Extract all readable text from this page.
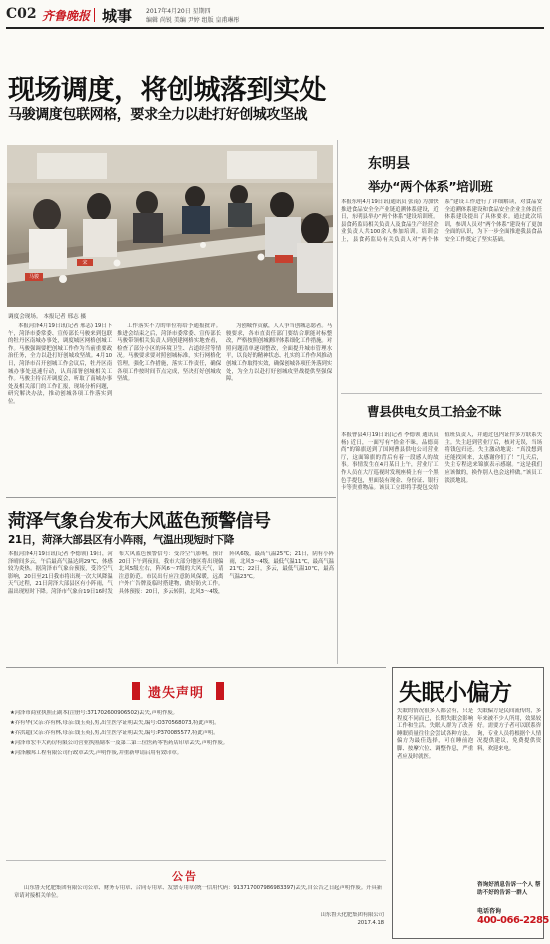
C02 齐鲁晚报 城事 2017年4月20日 星期四
编辑 尚锐 美编 尹婷 组版 皇甫琳彤
现场调度，将创城落到实处
马骏调度包联网格，要求全力以赴打好创城攻坚战
马骏
宋
调度会现场。 本报记者 邢志 摄
本报菏泽4月19日讯(记者 邢志) 19日下午，菏泽市委常委、宣传部长马骏来到包联的牡丹区南城办事处，调度城区网格创城工作。马骏强调要把创城工作作为当前重要政治任务，全力以赴打好创城攻坚战。4月10日，菏泽市召开创城工作会议后，牡丹区南城办事处迅速行动，认真部署创城相关工作。马骏主持召开调度会，听取了南城办事处及相关部门的工作汇报，现场分析问题，研究解决办法，推动创城各项工作落实到位。
工作落实不力的单位将给予通报批评。推进会结束之后，菏泽市委常委、宣传部长马骏带领相关负责人到创建网格实地查看，检查了部分小区的环境卫生、占道经营等情况。马骏要求要对照创城标准，实行网格化管理，强化工作措施，落实工作责任，确保各项工作按时间节点完成，坚决打好创城攻坚战。
为创城作贡献，人人争当创城志愿者。马骏要求，各市直责任部门要结合职能对标整改，严格按照创城测评体系细化工作措施。对照问题清单逐项整改，全面提升城市管理水平，以良好的精神状态、扎实的工作作风推动创城工作取得实效，确保创城各项任务落到实处，为全力以赴打好创城攻坚战提供坚强保障。
东明县
举办“两个体系”培训班
本报东明4月19日讯(通讯员 张南) 为加快推进食品安全全产业链追溯体系建设，近日，东明县举办“两个体系”建设培训班。县食药监局相关负责人及食品生产经营企业负责人共100余人参加培训。培训会上，县食药监局有关负责人对“两个体系”建设工作进行了详细解读，对食品安全追溯体系建设和食品安全企业主体责任体系建设提出了具体要求。通过此次培训，参训人员对“两个体系”建设有了更加全面的认识，为下一步全面推进我县食品安全工作奠定了坚实基础。
曹县供电女员工拾金不昧
本报曹县4月19日讯(记者 李德领 通讯员 杨) 近日，一面写有“拾金不昧，品德高尚”的锦旗送到了国网曹县供电公司营业厅，这面锦旗的背后有着一段感人的故事。事情发生在4月某日上午，营业厅工作人员在大厅巡视时发现座椅上有一个黑色手提包，里面装有现金、身份证、银行卡等贵重物品。该员工立即将手提包交给值班负责人，并通过包内证件多方联系失主。失主赶到营业厅后，核对无误，当场将钱包归还。失主激动地说：“真没想到还能找回来，太感谢你们了！”几天后，失主专程送来锦旗表示感谢。“这是我们应该做的，换作别人也会这样做。”该员工淡淡地说。
菏泽气象台发布大风蓝色预警信号
21日，菏泽大部县区有小阵雨，气温出现短时下降
本报菏泽4月19日讯(记者 李德领) 19日，菏泽晴间多云，午后最高气温达到29℃，体感较为炎热。据菏泽市气象台预报，受冷空气影响，20日至21日我市将出现一次大风降温天气过程，21日菏泽大部县区有小阵雨，气温出现短时下降。菏泽市气象台19日16时发布大风蓝色预警信号：受冷空气影响，预计20日下午到夜间，我市大部分地区将出现偏北风5级左右，阵风6～7级的大风天气，请注意防范。市民出行应注意防风保暖，远离户外广告牌及临时搭建物，做好防火工作。具体预报：20日，多云转阴，北风3～4级，阵风6级，最高气温25℃；21日，阴有小阵雨，北风3～4级，最低气温11℃，最高气温21℃；22日，多云，最低气温10℃，最高气温23℃。
遗失声明
★菏泽市商业执照正副本(注册号:371702600906502)丢失,声明作废。
★乔有华(父亲:乔有林,母亲:钱玉英),男,出生医学证明丢失,编号:O370568073,特此声明。
★乔洪超(父亲:乔有林,母亲:钱玉英),男,出生医学证明丢失,编号:P370085577,特此声明。
★菏泽市宏丰大药房有限公司营业执照副本一及第二第三位医药零售药店印章丢失,声明作废。
★菏泽融邦工程有限公司行政章丢失,声明作废,并重新申请启用有效印章。
公告
山东鲁天化肥集团有限公司公章、财务专用章、合同专用章、发票专用章(统一信用代码：913717007986983397)丢失,自公告之日起声明作废。开具新章请对接相关单位。
山东鲁天化肥集团有限公司
2017.4.18
失眠小偏方
失眠的情况很多人都会有，只是程度不同而已，长期失眠会影响工作和生活。失眠人群为了改善睡眠质量往往会尝试各种方法。偏方为最佳选择，可在睡前泡脚、按摩穴位、调整作息，严重者应及时就医。
失眠偏方是民间流传的，多年来被不少人所用，效果较好。需要方子者可以联系咨询，专业人员将根据个人情况提供建议，免费提供资料，欢迎来电。
咨询好消息告诉一个人 帮助不好的告诉一群人
电话咨询
400-066-2285
